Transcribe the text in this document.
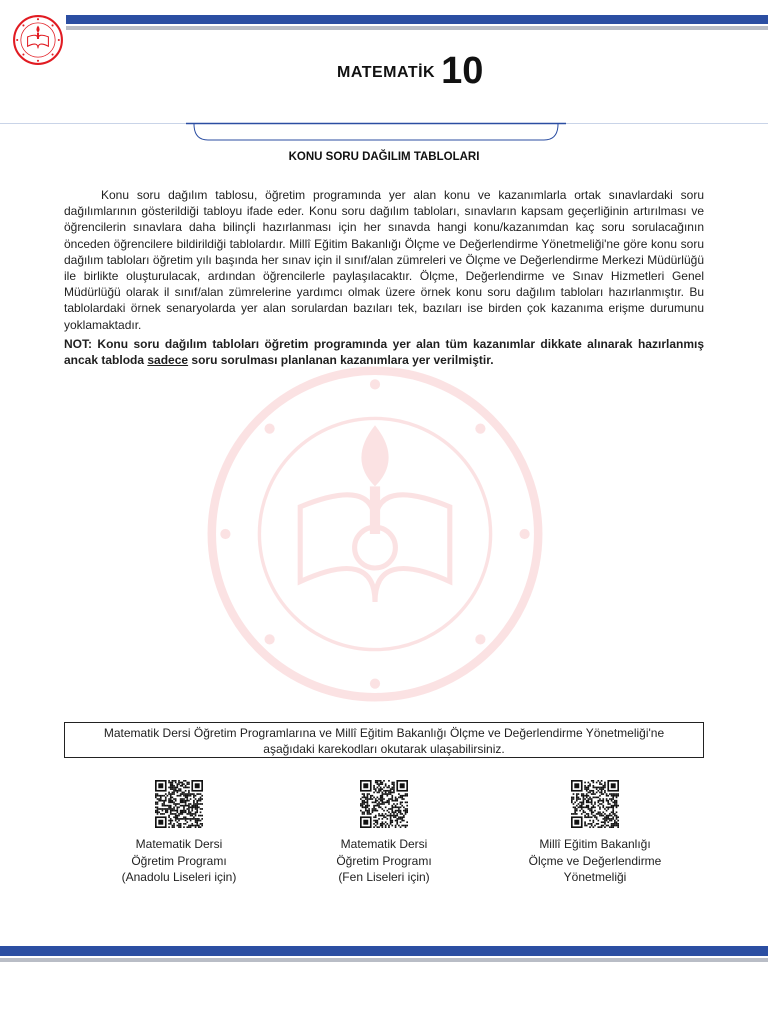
MATEMATİK 10
KONU SORU DAĞILIM TABLOLARI

Konu soru dağılım tablosu, öğretim programında yer alan konu ve kazanımlarla ortak sınavlardaki soru dağılımlarının gösterildiği tabloyu ifade eder. Konu soru dağılım tabloları, sınavların kapsam geçerliğinin artırılması ve öğrencilerin sınavlara daha bilinçli hazırlanması için her sınavda hangi konu/kazanımdan kaç soru sorulacağının önceden öğrencilere bildirildiği tablolardır. Millî Eğitim Bakanlığı Ölçme ve Değerlendirme Yönetmeliği'ne göre konu soru dağılım tabloları öğretim yılı başında her sınav için il sınıf/alan zümreleri ve Ölçme ve Değerlendirme Merkezi Müdürlüğü ile birlikte oluşturulacak, ardından öğrencilerle paylaşılacaktır. Ölçme, Değerlendirme ve Sınav Hizmetleri Genel Müdürlüğü olarak il sınıf/alan zümrelerine yardımcı olmak üzere örnek konu soru dağılım tabloları hazırlanmıştır. Bu tablolardaki örnek senaryolarda yer alan sorulardan bazıları tek, bazıları ise birden çok kazanıma erişme durumunu yoklamaktadır.

NOT: Konu soru dağılım tabloları öğretim programında yer alan tüm kazanımlar dikkate alınarak hazırlanmış ancak tabloda sadece soru sorulması planlanan kazanımlara yer verilmiştir.

Matematik Dersi Öğretim Programlarına ve Millî Eğitim Bakanlığı Ölçme ve Değerlendirme Yönetmeliği'ne
aşağıdaki karekodları okutarak ulaşabilirsiniz.
Matematik Dersi
Öğretim Programı
(Anadolu Liseleri için)
Matematik Dersi
Öğretim Programı
(Fen Liseleri için)
Millî Eğitim Bakanlığı
Ölçme ve Değerlendirme
Yönetmeliği
